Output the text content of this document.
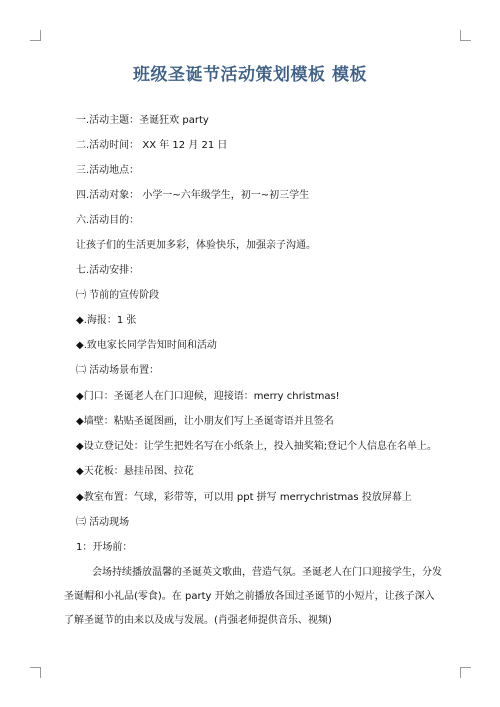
班级圣诞节活动策划模板 模板
一.活动主题：圣诞狂欢 party
二.活动时间： XX 年 12 月 21 日
三.活动地点：
四.活动对象： 小学一~六年级学生，初一~初三学生
六.活动目的：
让孩子们的生活更加多彩，体验快乐，加强亲子沟通。
七.活动安排：
㈠ 节前的宣传阶段
◆.海报：1 张
◆.致电家长同学告知时间和活动
㈡ 活动场景布置：
◆门口：圣诞老人在门口迎候，迎接语：merry christmas!
◆墙壁：粘贴圣诞图画，让小朋友们写上圣诞寄语并且签名
◆设立登记处：让学生把姓名写在小纸条上，投入抽奖箱;登记个人信息在名单上。
◆天花板：悬挂吊图、拉花
◆教室布置：气球，彩带等，可以用 ppt 拼写 merrychristmas 投放屏幕上
㈢ 活动现场
1：开场前：
会场持续播放温馨的圣诞英文歌曲，营造气氛。圣诞老人在门口迎接学生，分发
圣诞帽和小礼品(零食)。在 party 开始之前播放各国过圣诞节的小短片，让孩子深入
了解圣诞节的由来以及成与发展。(肖强老师提供音乐、视频)
